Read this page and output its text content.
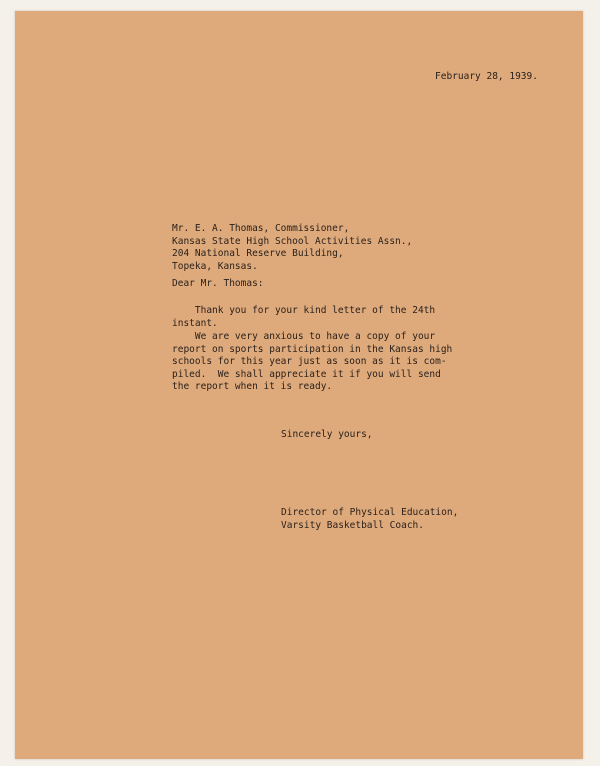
February 28, 1939.

Mr. E. A. Thomas, Commissioner,
Kansas State High School Activities Assn.,
204 National Reserve Building,
Topeka, Kansas.

Dear Mr. Thomas:

Thank you for your kind letter of the 24th
instant.
We are very anxious to have a copy of your
report on sports participation in the Kansas high
schools for this year just as soon as it is com-
piled.  We shall appreciate it if you will send
the report when it is ready.

Sincerely yours,

Director of Physical Education,
Varsity Basketball Coach.
